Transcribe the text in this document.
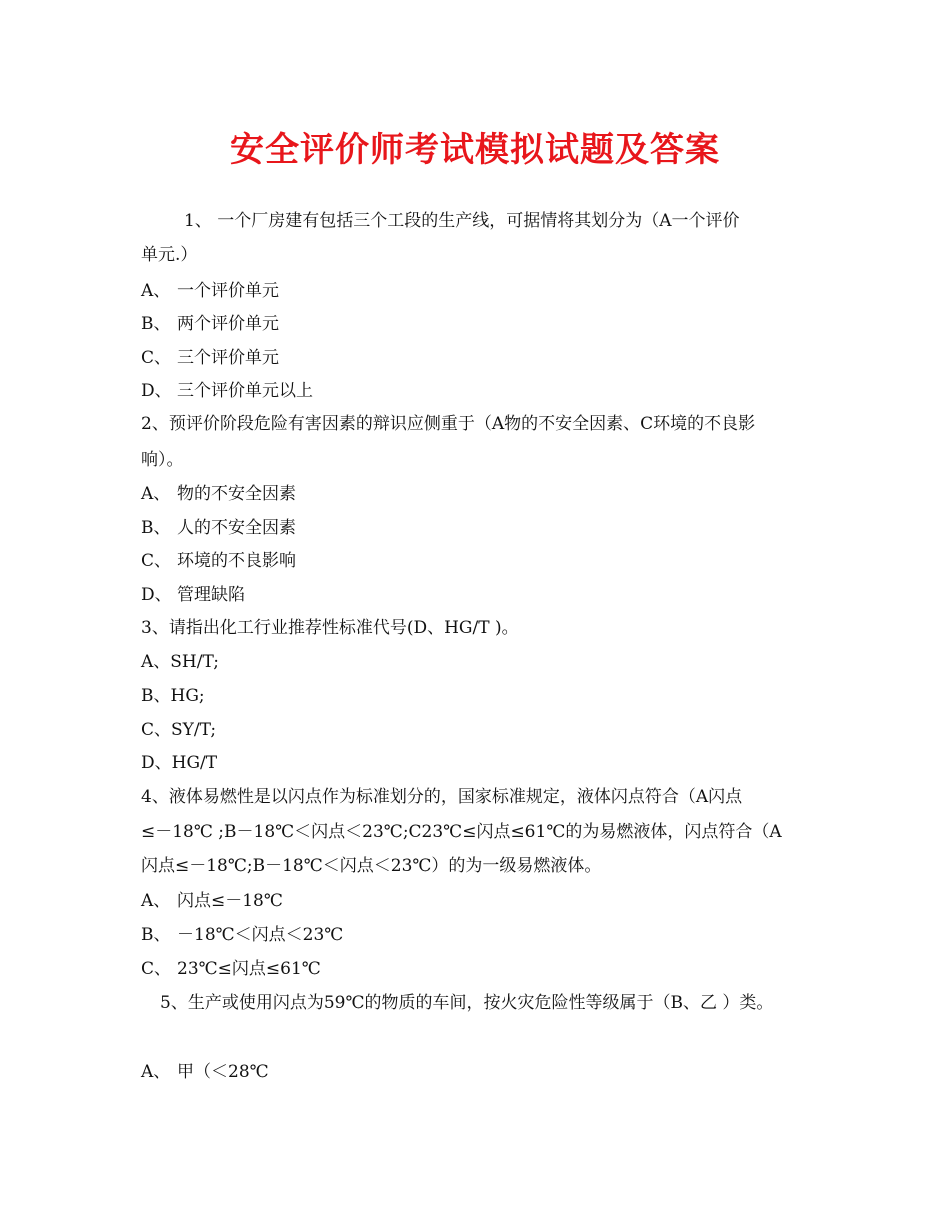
安全评价师考试模拟试题及答案

1、 一个厂房建有包括三个工段的生产线，可据情将其划分为（A一个评价

单元.）

A、 一个评价单元

B、 两个评价单元

C、 三个评价单元

D、 三个评价单元以上

2、预评价阶段危险有害因素的辩识应侧重于（A物的不安全因素、C环境的不良影

响）。

A、 物的不安全因素

B、 人的不安全因素

C、 环境的不良影响

D、 管理缺陷

3、请指出化工行业推荐性标准代号(D、HG/T )。

A、SH/T;

B、HG;

C、SY/T;

D、HG/T

4、液体易燃性是以闪点作为标准划分的，国家标准规定，液体闪点符合（A闪点

≤－18℃ ;B－18℃＜闪点＜23℃;C23℃≤闪点≤61℃的为易燃液体，闪点符合（A

闪点≤－18℃;B－18℃＜闪点＜23℃）的为一级易燃液体。

A、 闪点≤－18℃

B、 －18℃＜闪点＜23℃

C、 23℃≤闪点≤61℃

5、生产或使用闪点为59℃的物质的车间，按火灾危险性等级属于（B、乙 ）类。

A、 甲（＜28℃
